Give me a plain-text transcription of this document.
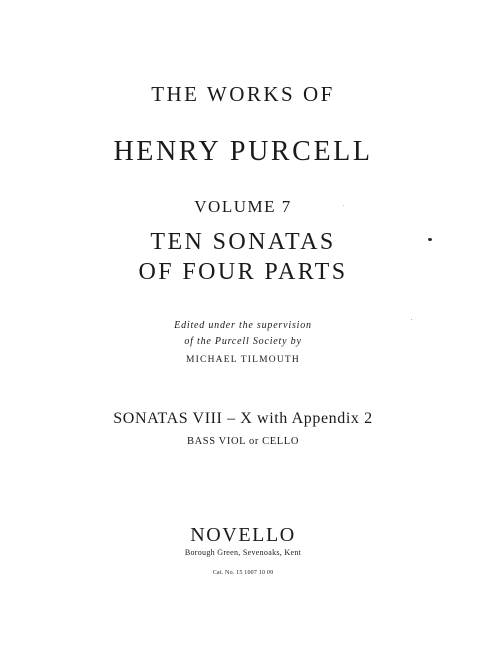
THE WORKS OF
HENRY PURCELL
VOLUME 7
TEN SONATAS
OF FOUR PARTS
Edited under the supervision
of the Purcell Society by
MICHAEL TILMOUTH
SONATAS VIII – X with Appendix 2
BASS VIOL or CELLO
NOVELLO
Borough Green, Sevenoaks, Kent
Cat. No. 15 1007 10 09
